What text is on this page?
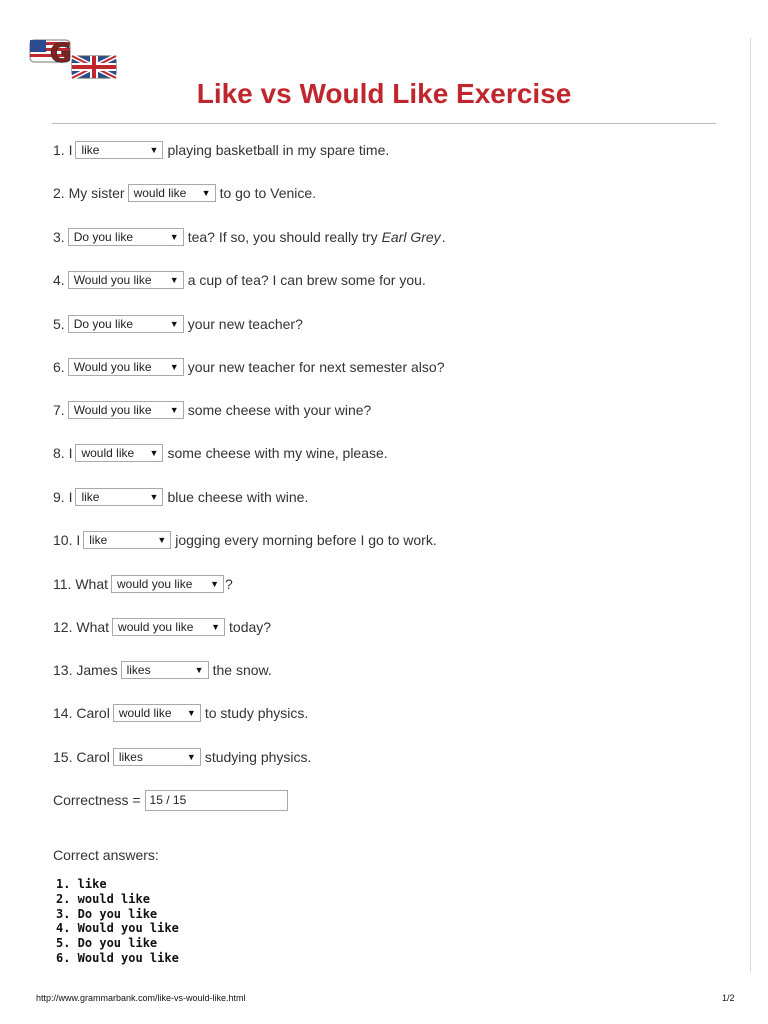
G
Like vs Would Like Exercise
1. I like	▼ playing basketball in my spare time.
2. My sister would like ▼ to go to Venice.
3. Do you like	▼ tea? If so, you should really try Earl Grey .
4. Would you like ▼ a cup of tea? I can brew some for you.
5. Do you like	▼ your new teacher?
6. Would you like ▼ your new teacher for next semester also?
7. Would you like ▼ some cheese with your wine?
8. I would like ▼ some cheese with my wine, please.
9. I like	▼ blue cheese with wine.
10. I like	▼ jogging every morning before I go to work.
11. What would you like ▼ ?
12. What would you like ▼ today?
13. James likes	▼ the snow.
14. Carol would like ▼ to study physics.
15. Carol likes	▼ studying physics.
Correctness = 15 / 15
Correct answers:
1. like
2. would like
3. Do you like
4. Would you like
5. Do you like
6. Would you like
http://www.grammarbank.com/like-vs-would-like.html	1/2
